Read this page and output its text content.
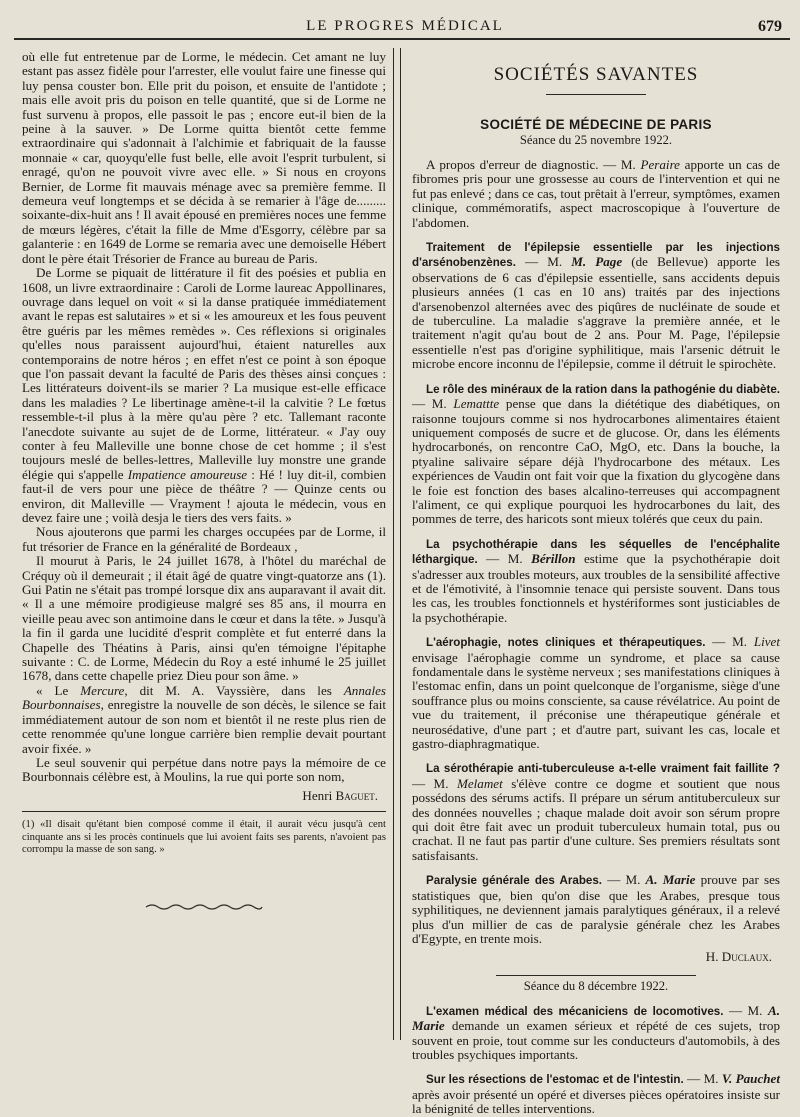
LE PROGRES MÉDICAL	679

où elle fut entretenue par de Lorme, le médecin. Cet amant ne luy estant pas assez fidèle pour l'arrester, elle voulut faire une finesse qui luy pensa couster bon. Elle prit du poison, et ensuite de l'antidote ; mais elle avoit pris du poison en telle quantité, que si de Lorme ne fust survenu à propos, elle passoit le pas ; encore eut-il bien de la peine à la sauver. » De Lorme quitta bientôt cette femme extraordinaire qui s'adonnait à l'alchimie et fabriquait de la fausse monnaie « car, quoyqu'elle fust belle, elle avoit l'esprit turbulent, si enragé, qu'on ne pouvoit vivre avec elle. » Si nous en croyons Bernier, de Lorme fit mauvais ménage avec sa première femme. Il demeura veuf longtemps et se décida à se remarier à l'âge de......... soixante-dix-huit ans ! Il avait épousé en premières noces une femme de mœurs légères, c'était la fille de Mme d'Esgorry, célèbre par sa galanterie : en 1649 de Lorme se remaria avec une demoiselle Hébert dont le père était Trésorier de France au bureau de Paris.

De Lorme se piquait de littérature il fit des poésies et publia en 1608, un livre extraordinaire : Caroli de Lorme laureac Appollinares, ouvrage dans lequel on voit « si la danse pratiquée immédiatement avant le repas est salutaires » et si « les amoureux et les fous peuvent être guéris par les mêmes remèdes ». Ces réflexions si originales qu'elles nous paraissent aujourd'hui, étaient naturelles aux contemporains de notre héros ; en effet n'est ce point à son époque que l'on passait devant la faculté de Paris des thèses ainsi conçues : Les littérateurs doivent-ils se marier ? La musique est-elle efficace dans les maladies ? Le libertinage amène-t-il la calvitie ? Le fœtus ressemble-t-il plus à la mère qu'au père ? etc. Tallemant raconte l'anecdote suivante au sujet de de Lorme, littérateur. « J'ay ouy conter à feu Malleville une bonne chose de cet homme ; il s'est toujours meslé de belles-lettres, Malleville luy monstre une grande élégie qui s'appelle Impatience amoureuse : Hé ! luy dit-il, combien faut-il de vers pour une pièce de théâtre ? — Quinze cents ou environ, dit Malleville — Vrayment ! ajouta le médecin, vous en devez faire une ; voilà desja le tiers des vers faits. »

Nous ajouterons que parmi les charges occupées par de Lorme, il fut trésorier de France en la généralité de Bordeaux ,

Il mourut à Paris, le 24 juillet 1678, à l'hôtel du maréchal de Créquy où il demeurait ; il était âgé de quatre vingt-quatorze ans (1). Gui Patin ne s'était pas trompé lorsque dix ans auparavant il avait dit. « Il a une mémoire prodigieuse malgré ses 85 ans, il mourra en vieille peau avec son antimoine dans le cœur et dans la tête. » Jusqu'à la fin il garda une lucidité d'esprit complète et fut enterré dans la Chapelle des Théatins à Paris, ainsi qu'en témoigne l'épitaphe suivante : C. de Lorme, Médecin du Roy a esté inhumé le 25 juillet 1678, dans cette chapelle priez Dieu pour son âme. »

« Le Mercure, dit M. A. Vayssière, dans les Annales Bourbonnaises, enregistre la nouvelle de son décès, le silence se fait immédiatement autour de son nom et bientôt il ne reste plus rien de cette renommée qu'une longue carrière bien remplie devait pourtant avoir fixée. »

Le seul souvenir qui perpétue dans notre pays la mémoire de ce Bourbonnais célèbre est, à Moulins, la rue qui porte son nom,

Henri Baguet.

(1) «Il disait qu'étant bien composé comme il était, il aurait vécu jusqu'à cent cinquante ans si les procès continuels que lui avoient faits ses parents, n'avoient pas corrompu la masse de son sang. »

SOCIÉTÉS SAVANTES
SOCIÉTÉ DE MÉDECINE DE PARIS
Séance du 25 novembre 1922.

A propos d'erreur de diagnostic. — M. Peraire apporte un cas de fibromes pris pour une grossesse au cours de l'intervention et qui ne fut pas enlevé ; dans ce cas, tout prêtait à l'erreur, symptômes, examen clinique, commémoratifs, aspect macroscopique à l'ouverture de l'abdomen.

Traitement de l'épilepsie essentielle par les injections d'arsénobenzènes. — M. M. Page (de Bellevue) apporte les observations de 6 cas d'épilepsie essentielle, sans accidents depuis plusieurs années (1 cas en 10 ans) traités par des injections d'arsenobenzol alternées avec des piqûres de nucléinate de soude et de tuberculine. La maladie s'aggrave la première année, et le traitement n'agit qu'au bout de 2 ans. Pour M. Page, l'épilepsie essentielle n'est pas d'origine syphilitique, mais l'arsenic détruit le microbe encore inconnu de l'épilepsie, comme il détruit le spirochète.

Le rôle des minéraux de la ration dans la pathogénie du diabète. — M. Lemattte pense que dans la diététique des diabétiques, on raisonne toujours comme si nos hydrocarbones alimentaires étaient uniquement composés de sucre et de glucose. Or, dans les éléments hydrocarbonés, on rencontre CaO, MgO, etc. Dans la bouche, la ptyaline salivaire sépare déjà l'hydrocarbone des métaux. Les expériences de Vaudin ont fait voir que la fixation du glycogène dans le foie est fonction des bases alcalino-terreuses qui accompagnent l'aliment, ce qui explique pourquoi les hydrocarbones du lait, des pommes de terre, des haricots sont mieux tolérés que ceux du pain.

La psychothérapie dans les séquelles de l'encéphalite léthargique. — M. Bérillon estime que la psychothérapie doit s'adresser aux troubles moteurs, aux troubles de la sensibilité affective et de l'émotivité, à l'insomnie tenace qui persiste souvent. Dans tous les cas, les troubles fonctionnels et hystériformes sont justiciables de la psychothérapie.

L'aérophagie, notes cliniques et thérapeutiques. — M. Livet envisage l'aérophagie comme un syndrome, et place sa cause fondamentale dans le système nerveux ; ses manifestations cliniques à l'estomac enfin, dans un point quelconque de l'organisme, siège d'une souffrance plus ou moins consciente, sa cause révélatrice. Au point de vue du traitement, il préconise une thérapeutique générale et neurosédative, d'une part ; et d'autre part, suivant les cas, locale et gastro-diaphragmatique.

La sérothérapie anti-tuberculeuse a-t-elle vraiment fait faillite ? — M. Melamet s'élève contre ce dogme et soutient que nous possédons des sérums actifs. Il prépare un sérum antituberculeux sur des données nouvelles ; chaque malade doit avoir son sérum propre qui doit être fait avec un produit tuberculeux humain total, pus ou crachat. Il ne faut pas partir d'une culture. Ses premiers résultats sont satisfaisants.

Paralysie générale des Arabes. — M. A. Marie prouve par ses statistiques que, bien qu'on dise que les Arabes, presque tous syphilitiques, ne deviennent jamais paralytiques généraux, il a relevé plus d'un millier de cas de paralysie générale chez les Arabes d'Egypte, en trente mois.

H. Duclaux.

Séance du 8 décembre 1922.

L'examen médical des mécaniciens de locomotives. — M. A. Marie demande un examen sérieux et répété de ces sujets, trop souvent en proie, tout comme sur les conducteurs d'automobils, à des troubles psychiques importants.

Sur les résections de l'estomac et de l'intestin. — M. V. Pauchet après avoir présenté un opéré et diverses pièces opératoires insiste sur la bénignité de telles interventions.
